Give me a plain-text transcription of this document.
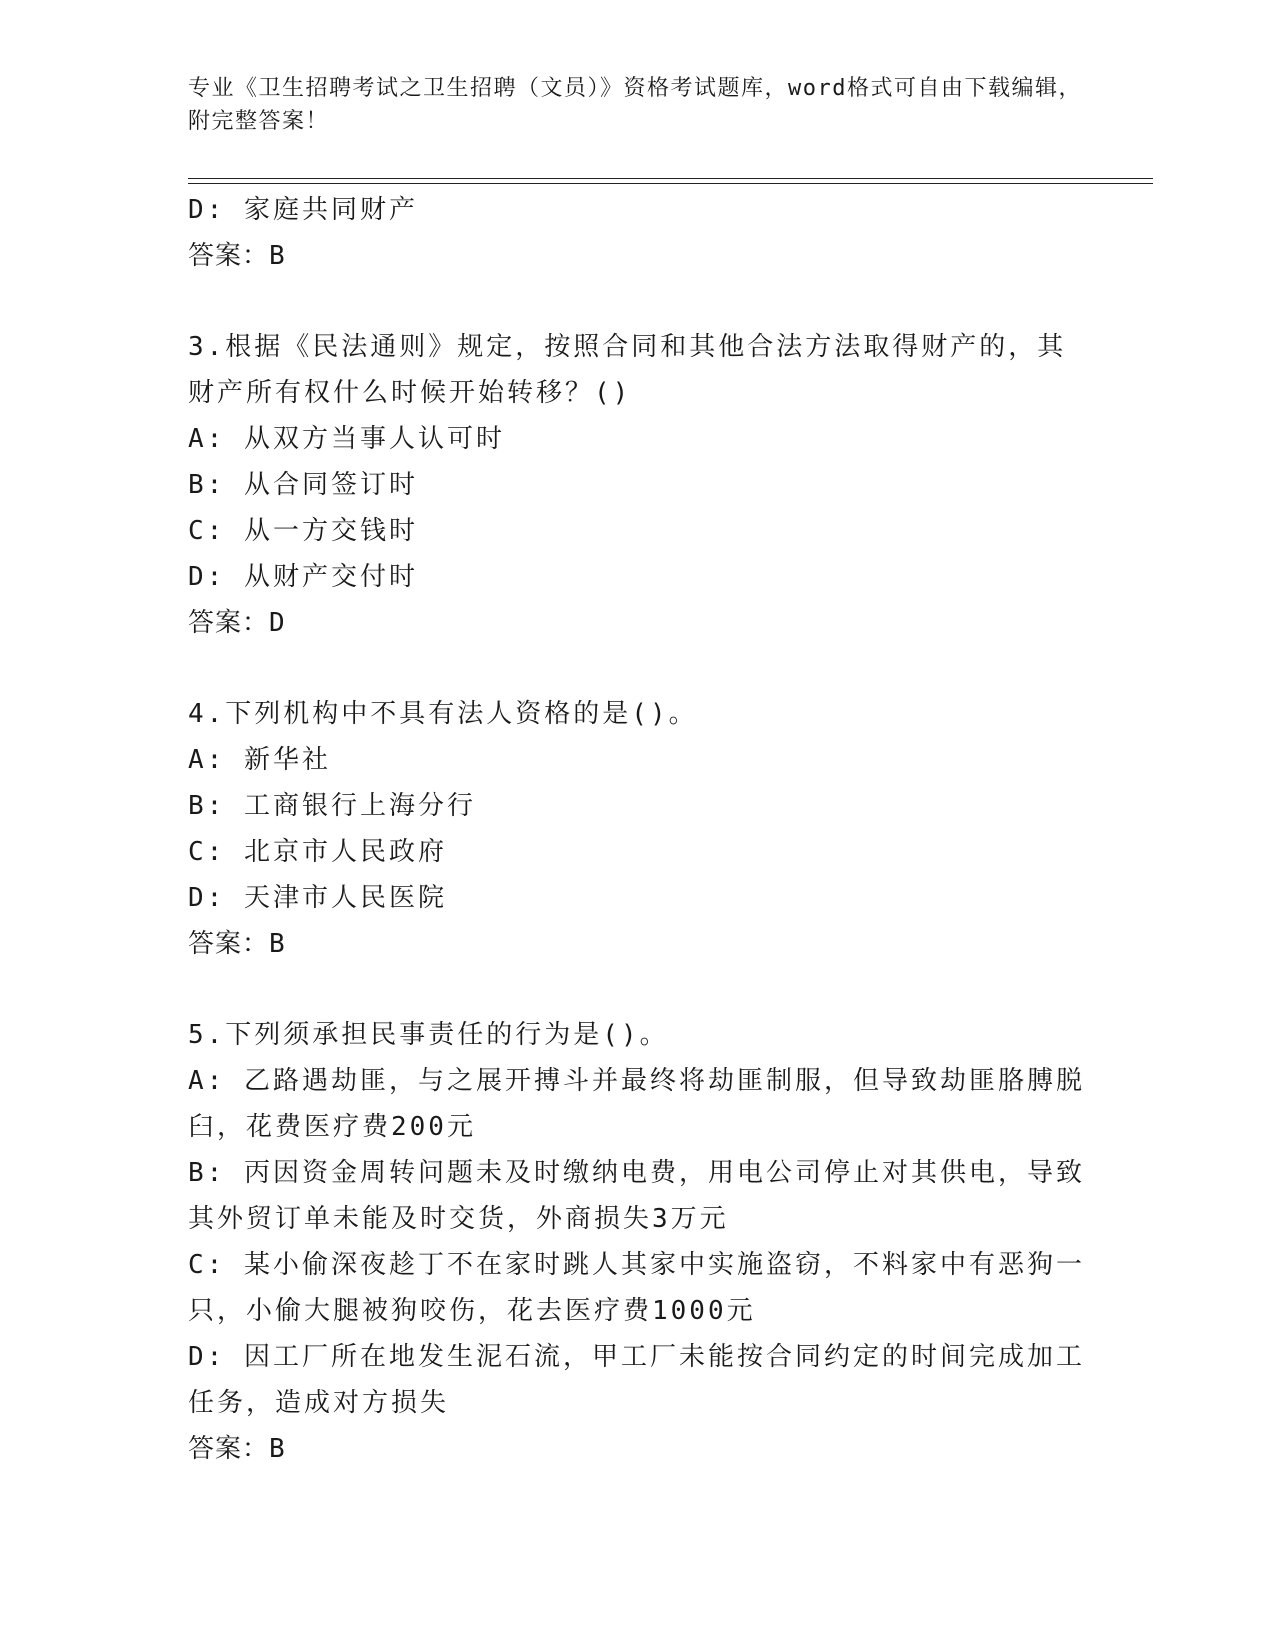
专业《卫生招聘考试之卫生招聘（文员）》资格考试题库，word格式可自由下载编辑，附完整答案！
D: 家庭共同财产
答案：B
3.根据《民法通则》规定，按照合同和其他合法方法取得财产的，其财产所有权什么时候开始转移？()
A: 从双方当事人认可时
B: 从合同签订时
C: 从一方交钱时
D: 从财产交付时
答案：D
4.下列机构中不具有法人资格的是()。
A: 新华社
B: 工商银行上海分行
C: 北京市人民政府
D: 天津市人民医院
答案：B
5.下列须承担民事责任的行为是()。
A: 乙路遇劫匪，与之展开搏斗并最终将劫匪制服，但导致劫匪胳膊脱臼，花费医疗费200元
B: 丙因资金周转问题未及时缴纳电费，用电公司停止对其供电，导致其外贸订单未能及时交货，外商损失3万元
C: 某小偷深夜趁丁不在家时跳人其家中实施盗窃，不料家中有恶狗一只，小偷大腿被狗咬伤，花去医疗费1000元
D: 因工厂所在地发生泥石流，甲工厂未能按合同约定的时间完成加工任务，造成对方损失
答案：B
